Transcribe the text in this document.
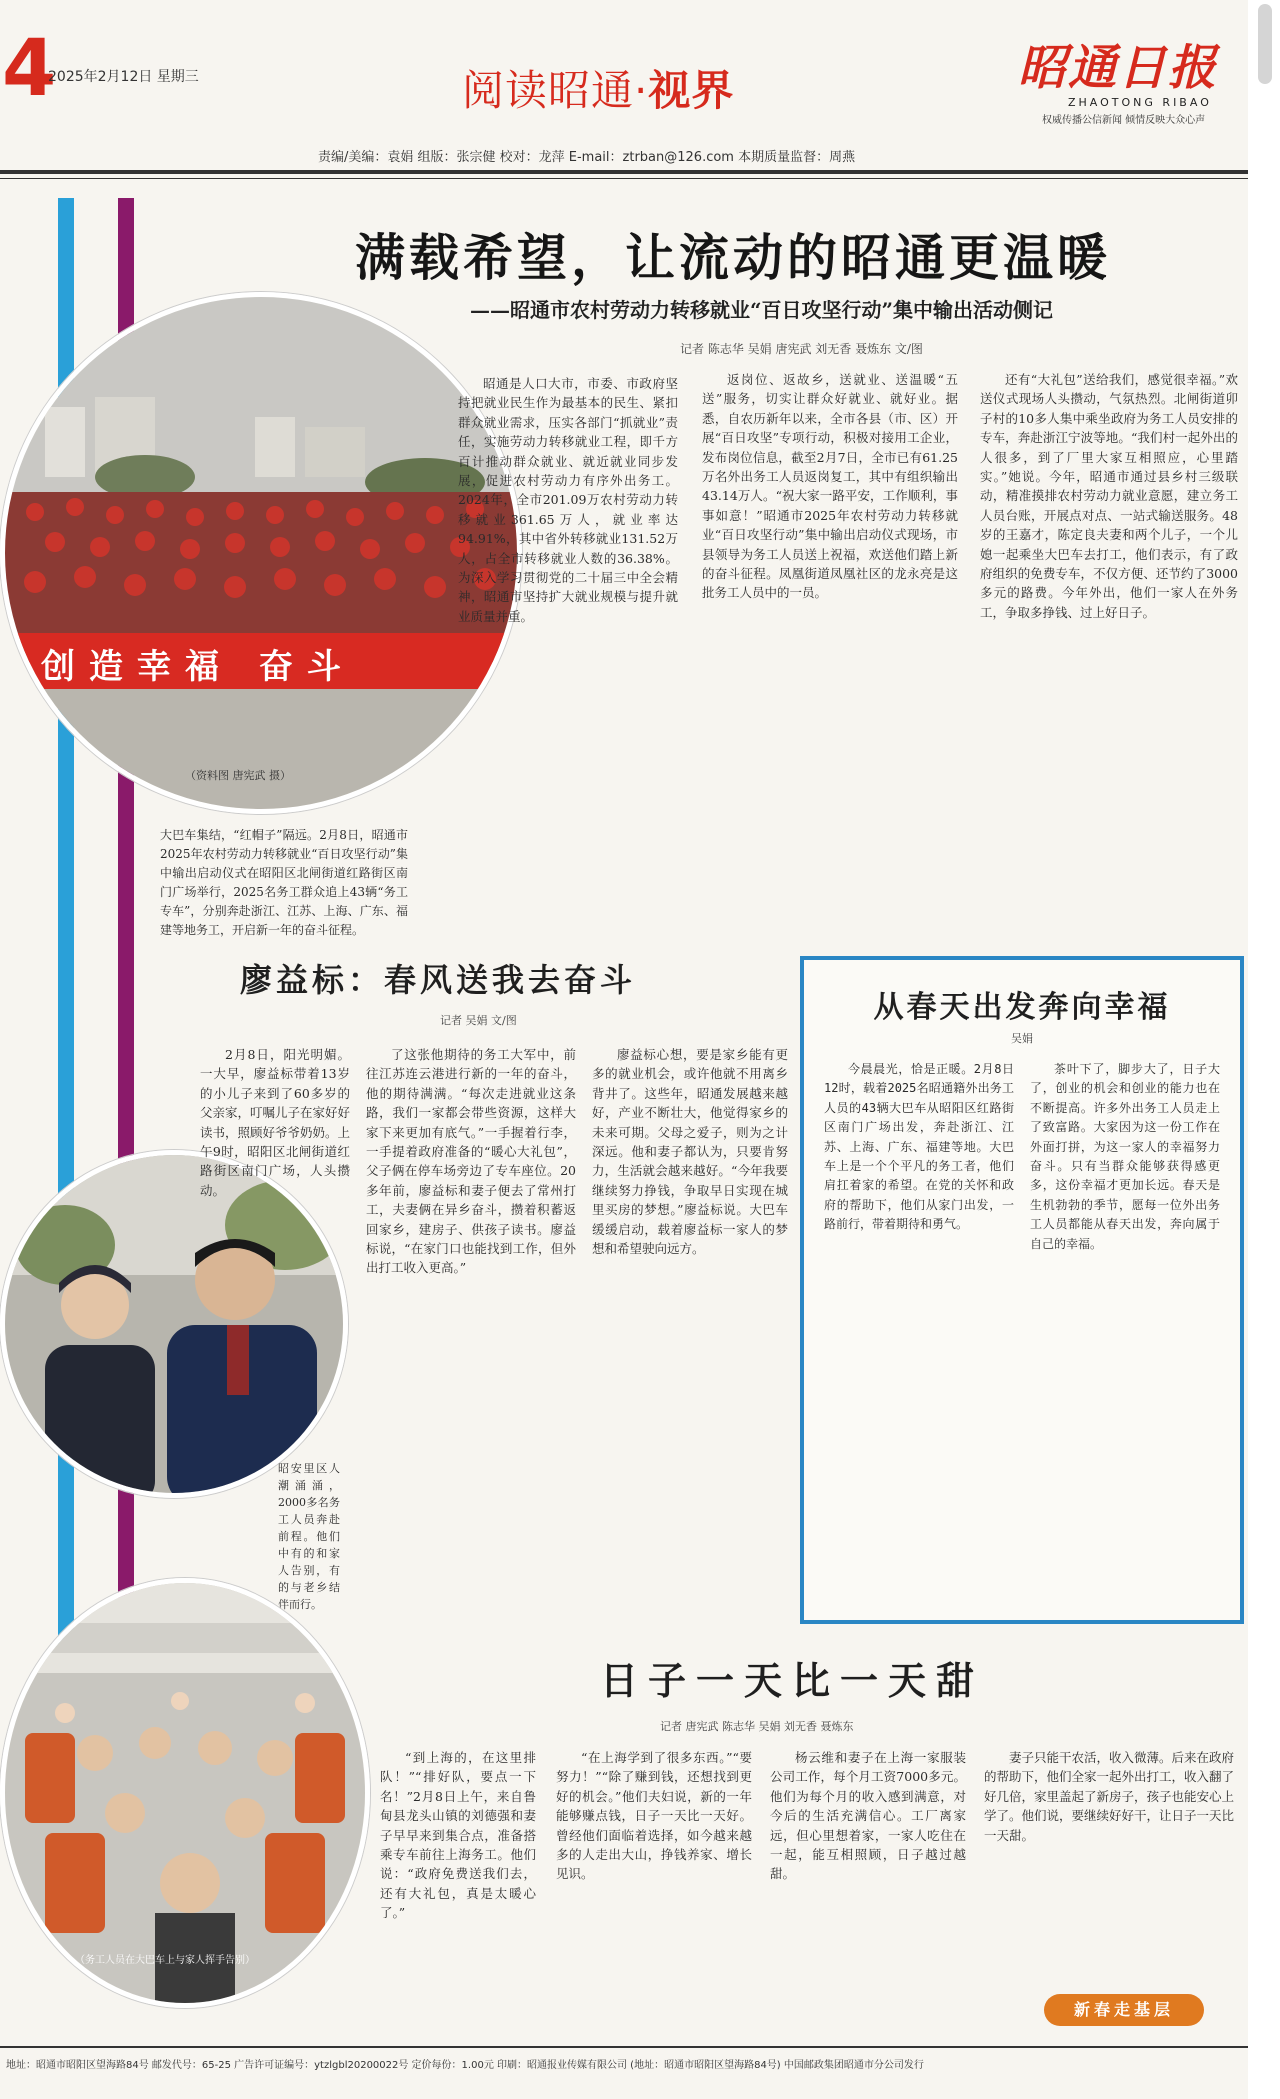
4
2025年2月12日 星期三	阅读昭通·视界	昭通日报
ZHAOTONG RIBAO
权威传播公信新闻 倾情反映大众心声
责编/美编：袁娟 组版：张宗健 校对：龙萍 E-mail：ztrban@126.com 本期质量监督：周燕
满载希望，让流动的昭通更温暖
——昭通市农村劳动力转移就业“百日攻坚行动”集中输出活动侧记
记者 陈志华 吴娟 唐宪武 刘无香 聂炼东 文/图
创造幸福 奋斗
（资料图 唐宪武 摄）
大巴车集结，“红帽子”隔远。2月8日，昭通市2025年农村劳动力转移就业“百日攻坚行动”集中输出启动仪式在昭阳区北闸街道红路街区南门广场举行，2025名务工群众追上43辆“务工专车”，分别奔赴浙江、江苏、上海、广东、福建等地务工，开启新一年的奋斗征程。

昭通是人口大市，市委、市政府坚持把就业民生作为最基本的民生、紧扣群众就业需求，压实各部门“抓就业”责任，实施劳动力转移就业工程，即千方百计推动群众就业、就近就业同步发展，促进农村劳动力有序外出务工。2024年，全市201.09万农村劳动力转移就业361.65万人，就业率达94.91%，其中省外转移就业131.52万人，占全市转移就业人数的36.38%。为深入学习贯彻党的二十届三中全会精神，昭通市坚持扩大就业规模与提升就业质量并重。

返岗位、返故乡，送就业、送温暖“五送”服务，切实让群众好就业、就好业。据悉，自农历新年以来，全市各县（市、区）开展“百日攻坚”专项行动，积极对接用工企业，发布岗位信息，截至2月7日，全市已有61.25万名外出务工人员返岗复工，其中有组织输出43.14万人。“祝大家一路平安，工作顺利，事事如意！”昭通市2025年农村劳动力转移就业“百日攻坚行动”集中输出启动仪式现场，市县领导为务工人员送上祝福，欢送他们踏上新的奋斗征程。凤凰街道凤凰社区的龙永亮是这批务工人员中的一员。

还有“大礼包”送给我们，感觉很幸福。”欢送仪式现场人头攒动，气氛热烈。北闸街道卯子村的10多人集中乘坐政府为务工人员安排的专车，奔赴浙江宁波等地。“我们村一起外出的人很多，到了厂里大家互相照应，心里踏实。”她说。今年，昭通市通过县乡村三级联动，精准摸排农村劳动力就业意愿，建立务工人员台账，开展点对点、一站式输送服务。48岁的王嘉才，陈定良夫妻和两个儿子，一个儿媳一起乘坐大巴车去打工，他们表示，有了政府组织的免费专车，不仅方便、还节约了3000多元的路费。今年外出，他们一家人在外务工，争取多挣钱、过上好日子。

廖益标：春风送我去奋斗
记者 吴娟 文/图
昭安里区人潮涌涌，2000多名务工人员奔赴前程。他们中有的和家人告别，有的与老乡结伴而行。

2月8日，阳光明媚。一大早，廖益标带着13岁的小儿子来到了60多岁的父亲家，叮嘱儿子在家好好读书，照顾好爷爷奶奶。上午9时，昭阳区北闸街道红路街区南门广场，人头攒动。

了这张他期待的务工大军中，前往江苏连云港进行新的一年的奋斗，他的期待满满。“每次走进就业这条路，我们一家都会带些资源，这样大家下来更加有底气。”一手握着行李，一手提着政府准备的“暖心大礼包”，父子俩在停车场旁边了专车座位。20多年前，廖益标和妻子便去了常州打工，夫妻俩在异乡奋斗，攒着积蓄返回家乡，建房子、供孩子读书。廖益标说，“在家门口也能找到工作，但外出打工收入更高。”

廖益标心想，要是家乡能有更多的就业机会，或许他就不用离乡背井了。这些年，昭通发展越来越好，产业不断壮大，他觉得家乡的未来可期。父母之爱子，则为之计深远。他和妻子都认为，只要肯努力，生活就会越来越好。“今年我要继续努力挣钱，争取早日实现在城里买房的梦想。”廖益标说。大巴车缓缓启动，载着廖益标一家人的梦想和希望驶向远方。

从春天出发奔向幸福
吴娟

今晨晨光，恰是正暖。2月8日12时，载着2025名昭通籍外出务工人员的43辆大巴车从昭阳区红路街区南门广场出发，奔赴浙江、江苏、上海、广东、福建等地。大巴车上是一个个平凡的务工者，他们肩扛着家的希望。在党的关怀和政府的帮助下，他们从家门出发，一路前行，带着期待和勇气。

茶叶下了，脚步大了，日子大了，创业的机会和创业的能力也在不断提高。许多外出务工人员走上了致富路。大家因为这一份工作在外面打拼，为这一家人的幸福努力奋斗。只有当群众能够获得感更多，这份幸福才更加长远。春天是生机勃勃的季节，愿每一位外出务工人员都能从春天出发，奔向属于自己的幸福。

日子一天比一天甜
记者 唐宪武 陈志华 吴娟 刘无香 聂炼东
（务工人员在大巴车上与家人挥手告别）

“到上海的，在这里排队！”“排好队，要点一下名！”2月8日上午，来自鲁甸县龙头山镇的刘德强和妻子早早来到集合点，准备搭乘专车前往上海务工。他们说：“政府免费送我们去，还有大礼包，真是太暖心了。”

“在上海学到了很多东西。”“要努力！”“除了赚到钱，还想找到更好的机会。”他们夫妇说，新的一年能够赚点钱，日子一天比一天好。曾经他们面临着选择，如今越来越多的人走出大山，挣钱养家、增长见识。

杨云维和妻子在上海一家服装公司工作，每个月工资7000多元。他们为每个月的收入感到满意，对今后的生活充满信心。工厂离家远，但心里想着家，一家人吃住在一起，能互相照顾，日子越过越甜。

妻子只能干农活，收入微薄。后来在政府的帮助下，他们全家一起外出打工，收入翻了好几倍，家里盖起了新房子，孩子也能安心上学了。他们说，要继续好好干，让日子一天比一天甜。

新春走基层
地址：昭通市昭阳区望海路84号 邮发代号：65-25 广告许可证编号：ytzlgbl20200022号 定价每份：1.00元 印刷：昭通报业传媒有限公司 (地址：昭通市昭阳区望海路84号) 中国邮政集团昭通市分公司发行
